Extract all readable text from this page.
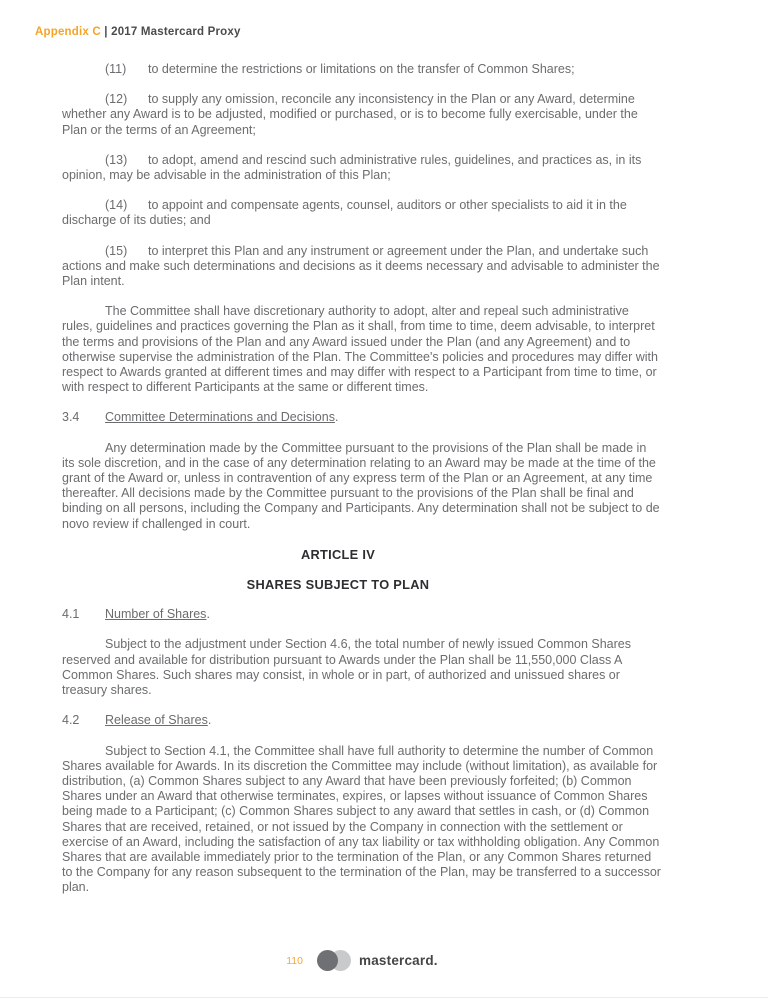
Appendix C | 2017 Mastercard Proxy

(11) to determine the restrictions or limitations on the transfer of Common Shares;

(12) to supply any omission, reconcile any inconsistency in the Plan or any Award, determine whether any Award is to be adjusted, modified or purchased, or is to become fully exercisable, under the Plan or the terms of an Agreement;

(13) to adopt, amend and rescind such administrative rules, guidelines, and practices as, in its opinion, may be advisable in the administration of this Plan;

(14) to appoint and compensate agents, counsel, auditors or other specialists to aid it in the discharge of its duties; and

(15) to interpret this Plan and any instrument or agreement under the Plan, and undertake such actions and make such determinations and decisions as it deems necessary and advisable to administer the Plan intent.

The Committee shall have discretionary authority to adopt, alter and repeal such administrative rules, guidelines and practices governing the Plan as it shall, from time to time, deem advisable, to interpret the terms and provisions of the Plan and any Award issued under the Plan (and any Agreement) and to otherwise supervise the administration of the Plan. The Committee's policies and procedures may differ with respect to Awards granted at different times and may differ with respect to a Participant from time to time, or with respect to different Participants at the same or different times.

3.4 Committee Determinations and Decisions.

Any determination made by the Committee pursuant to the provisions of the Plan shall be made in its sole discretion, and in the case of any determination relating to an Award may be made at the time of the grant of the Award or, unless in contravention of any express term of the Plan or an Agreement, at any time thereafter. All decisions made by the Committee pursuant to the provisions of the Plan shall be final and binding on all persons, including the Company and Participants. Any determination shall not be subject to de novo review if challenged in court.

ARTICLE IV

SHARES SUBJECT TO PLAN

4.1 Number of Shares.

Subject to the adjustment under Section 4.6, the total number of newly issued Common Shares reserved and available for distribution pursuant to Awards under the Plan shall be 11,550,000 Class A Common Shares. Such shares may consist, in whole or in part, of authorized and unissued shares or treasury shares.

4.2 Release of Shares.

Subject to Section 4.1, the Committee shall have full authority to determine the number of Common Shares available for Awards. In its discretion the Committee may include (without limitation), as available for distribution, (a) Common Shares subject to any Award that have been previously forfeited; (b) Common Shares under an Award that otherwise terminates, expires, or lapses without issuance of Common Shares being made to a Participant; (c) Common Shares subject to any award that settles in cash, or (d) Common Shares that are received, retained, or not issued by the Company in connection with the settlement or exercise of an Award, including the satisfaction of any tax liability or tax withholding obligation. Any Common Shares that are available immediately prior to the termination of the Plan, or any Common Shares returned to the Company for any reason subsequent to the termination of the Plan, may be transferred to a successor plan.

110	mastercard.
